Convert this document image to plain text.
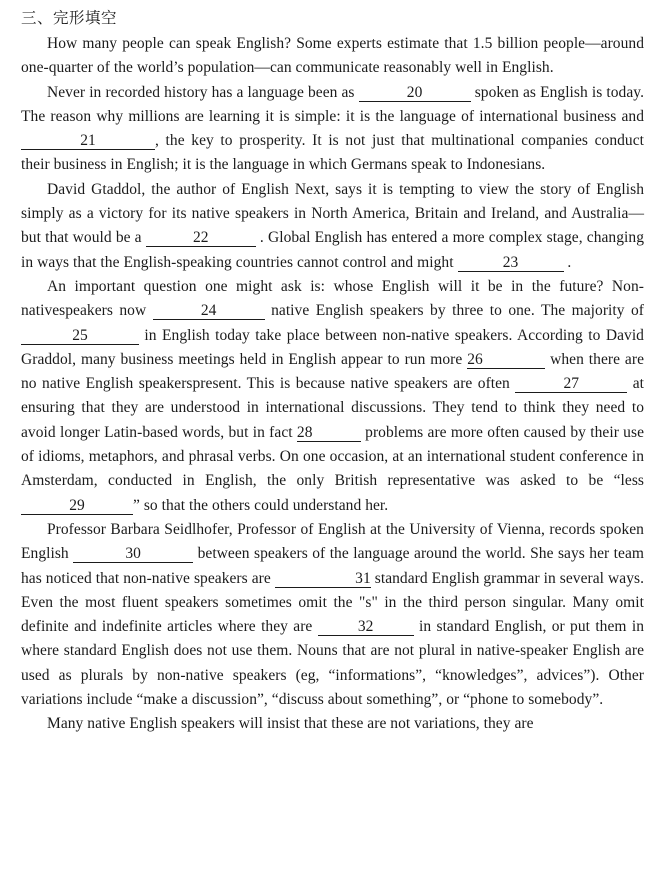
三、完形填空

How many people can speak English? Some experts estimate that 1.5 billion people—around one-quarter of the world’s population—can communicate reasonably well in English.

Never in recorded history has a language been as	20	spoken as English is today. The reason why millions are learning it is simple: it is the language of international business and 21	, the key to prosperity. It is not just that multinational companies conduct their business in English; it is the language in which Germans speak to Indonesians.

David Gtaddol, the author of English Next, says it is tempting to view the story of English simply as a victory for its native speakers in North America, Britain and Ireland, and Australia— but that would be a	22	. Global English has entered a more complex stage, changing in ways that the English-speaking countries cannot control and might	23	.

An important question one might ask is: whose English will it be in the future? Non-nativespeakers now	24	native English speakers by three to one. The majority of 25	in English today take place between non-native speakers. According to David Graddol, many business meetings held in English appear to run more 26	when there are no native English speakerspresent. This is because native speakers are often	27	at ensuring that they are understood in international discussions. They tend to think they need to avoid longer Latin-based words, but in fact 28	problems are more often caused by their use of idioms, metaphors, and phrasal verbs. On one occasion, at an international student conference in Amsterdam, conducted in English, the only British representative was asked to be “less 29	” so that the others could understand her.

Professor Barbara Seidlhofer, Professor of English at the University of Vienna, records spoken English	30	between speakers of the language around the world. She says her team has noticed that non-native speakers are	31 standard English grammar in several ways. Even the most fluent speakers sometimes omit the "s" in the third person singular. Many omit definite and indefinite articles where they are	32	in standard English, or put them in where standard English does not use them. Nouns that are not plural in native-speaker English are used as plurals by non-native speakers (eg, “informations”, “knowledges”, advices”). Other variations include “make a discussion”, “discuss about something”, or “phone to somebody”.

Many native English speakers will insist that these are not variations, they are
